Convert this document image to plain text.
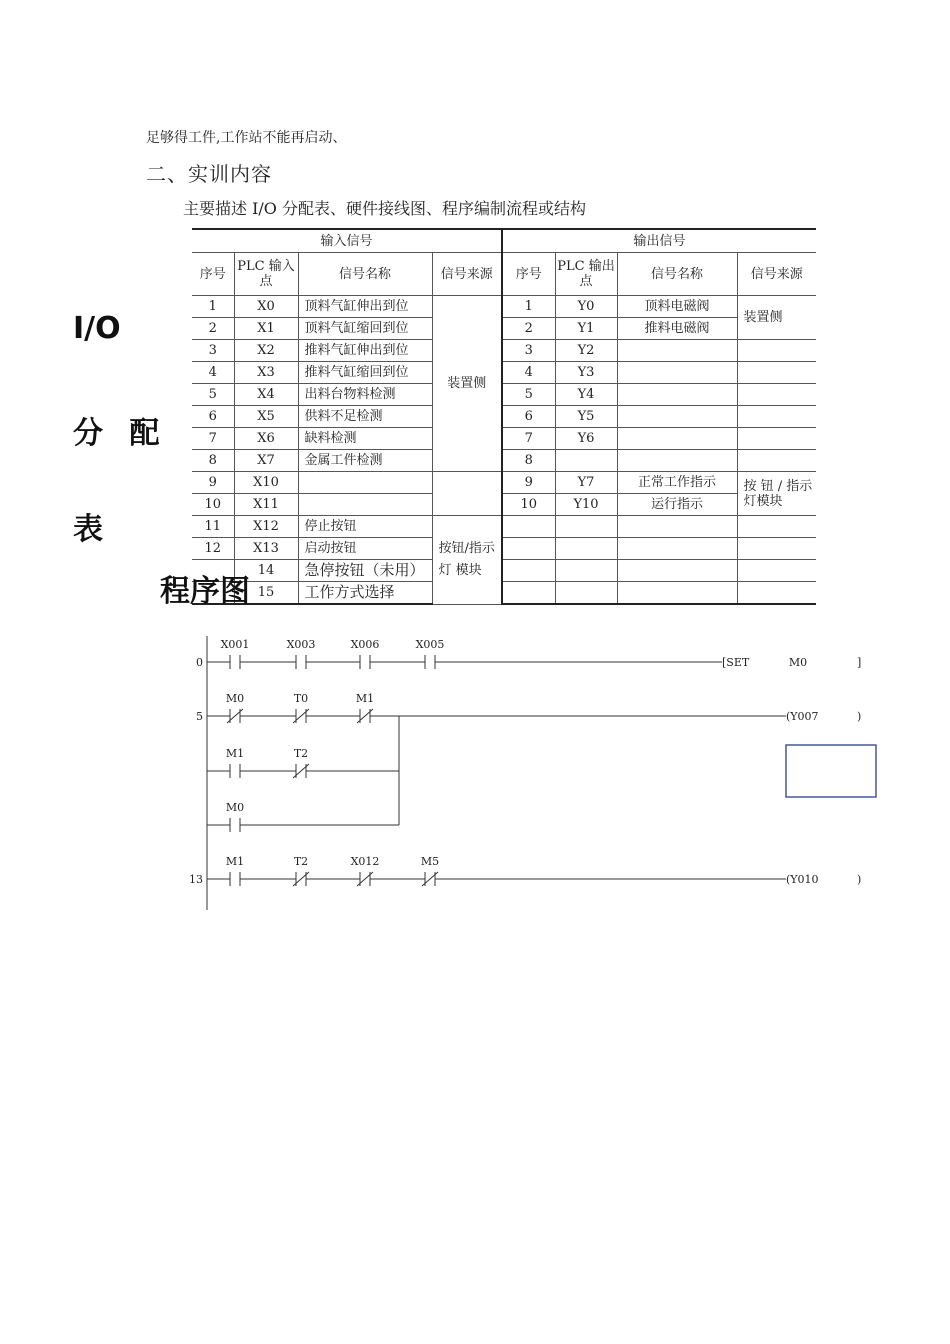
足够得工件,工作站不能再启动、
二、实训内容
主要描述 I/O 分配表、硬件接线图、程序编制流程或结构
I/O
分 配
表
输入信号				输出信号			
序号	PLC 输入点	信号名称	信号来源	序号	PLC 输出点	信号名称	信号来源
1	X0	顶料气缸伸出到位	装置侧	1	Y0	顶料电磁阀	装置侧
2	X1	顶料气缸缩回到位		2	Y1	推料电磁阀	
3	X2	推料气缸伸出到位		3	Y2		
4	X3	推料气缸缩回到位		4	Y3		
5	X4	出料台物料检测		5	Y4		
6	X5	供料不足检测		6	Y5		
7	X6	缺料检测		7	Y6		
8	X7	金属工件检测		8			
9	X10			9	Y7	正常工作指示	按 钮 / 指示灯模块
10	X11			10	Y10	运行指示	
11	X12	停止按钮	按钮/指示 灯 模块				
12	X13	启动按钮					
	14	急停按钮（未用）					
	15	工作方式选择					
程序图
0
X001	X003	X006	X005
[SET	M0	]
5
M0	T0	M1
(Y007	)
M1	T2
M0
13
M1	T2	X012	M5
(Y010	)
